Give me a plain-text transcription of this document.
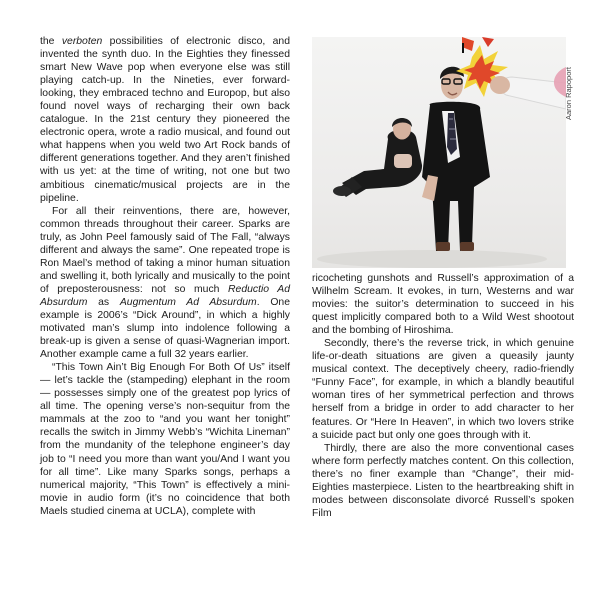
the verboten possibilities of electronic disco, and invented the synth duo. In the Eighties they finessed smart New Wave pop when everyone else was still playing catch-up. In the Nineties, ever forward-looking, they embraced techno and Europop, but also found novel ways of recharging their own back catalogue. In the 21st century they pioneered the electronic opera, wrote a radio musical, and found out what happens when you weld two Art Rock bands of different generations together. And they aren’t finished with us yet: at the time of writing, not one but two ambitious cinematic/musical projects are in the pipeline.

For all their reinventions, there are, however, common threads throughout their career. Sparks are truly, as John Peel famously said of The Fall, “always different and always the same”. One repeated trope is Ron Mael’s method of taking a minor human situation and swelling it, both lyrically and musically to the point of preposterousness: not so much Reductio Ad Absurdum as Augmentum Ad Absurdum. One example is 2006’s “Dick Around”, in which a highly motivated man’s slump into indolence following a break-up is given a sense of quasi-Wagnerian import. Another example came a full 32 years earlier.

“This Town Ain’t Big Enough For Both Of Us” itself — let’s tackle the (stampeding) elephant in the room — possesses simply one of the greatest pop lyrics of all time. The opening verse’s non-sequitur from the mammals at the zoo to “and you want her tonight” recalls the switch in Jimmy Webb’s “Wichita Lineman” from the mundanity of the telephone engineer’s day job to “I need you more than want you/And I want you for all time”. Like many Sparks songs, perhaps a numerical majority, “This Town” is effectively a mini-movie in audio form (it’s no coincidence that both Maels studied cinema at UCLA), complete with

Aaron Rapoport

ricocheting gunshots and Russell’s approximation of a Wilhelm Scream. It evokes, in turn, Westerns and war movies: the suitor’s determination to succeed in his quest implicitly compared both to a Wild West shootout and the bombing of Hiroshima.

Secondly, there’s the reverse trick, in which genuine life-or-death situations are given a queasily jaunty musical context. The deceptively cheery, radio-friendly “Funny Face”, for example, in which a blandly beautiful woman tires of her symmetrical perfection and throws herself from a bridge in order to add character to her features. Or “Here In Heaven”, in which two lovers strike a suicide pact but only one goes through with it.

Thirdly, there are also the more conventional cases where form perfectly matches content. On this collection, there’s no finer example than “Change”, their mid-Eighties masterpiece. Listen to the heartbreaking shift in modes between disconsolate divorcé Russell’s spoken Film
